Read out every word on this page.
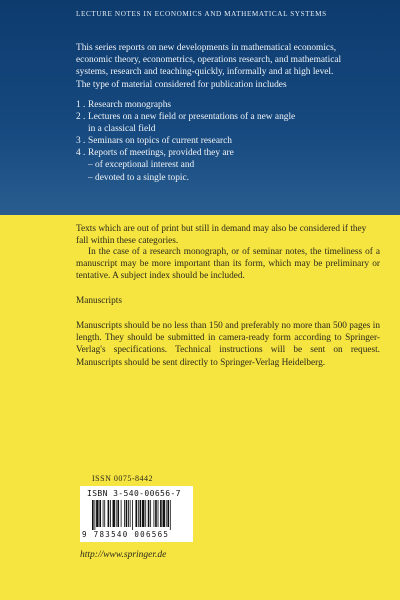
LECTURE NOTES IN ECONOMICS AND MATHEMATICAL SYSTEMS
This series reports on new developments in mathematical economics,
economic theory, econometrics, operations research, and mathematical
systems, research and teaching-quickly, informally and at high level.
The type of material considered for publication includes
1 . Research monographs
2 . Lectures on a new field or presentations of a new angle
in a classical field
3 . Seminars on topics of current research
4 . Reports of meetings, provided they are
– of exceptional interest and
– devoted to a single topic.
Texts which are out of print but still in demand may also be considered if they fall within these categories.
In the case of a research monograph, or of seminar notes, the timeliness of a manuscript may be more important than its form, which may be preliminary or tentative. A subject index should be included.
Manuscripts
Manuscripts should be no less than 150 and preferably no more than 500 pages in length. They should be submitted in camera-ready form according to Springer-Verlag's specifications. Technical instructions will be sent on request. Manuscripts should be sent directly to Springer-Verlag Heidelberg.
ISSN 0075-8442
ISBN 3-540-00656-7
9 783540 006565
http://www.springer.de
